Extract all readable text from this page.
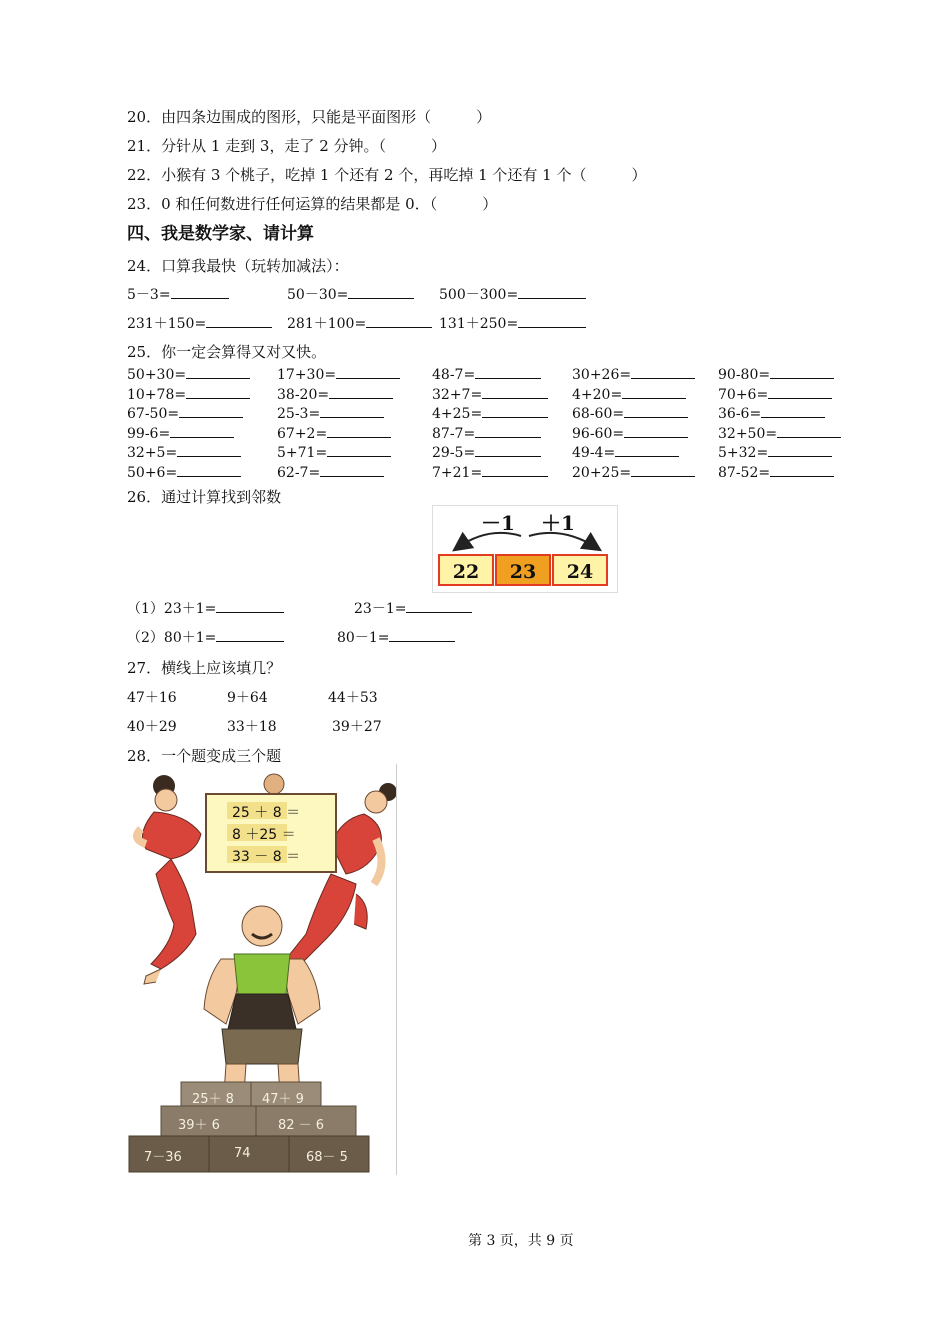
20．由四条边围成的图形，只能是平面图形（　　　）
21．分针从 1 走到 3，走了 2 分钟。（　　　）
22．小猴有 3 个桃子，吃掉 1 个还有 2 个，再吃掉 1 个还有 1 个（　　　）
23．0 和任何数进行任何运算的结果都是 0．（　　　）
四、我是数学家、请计算
24．口算我最快（玩转加减法）：
5－3=	50－30=	500－300=
231＋150=	281＋100=	131＋250=
25．你一定会算得又对又快。
50+30=	17+30=	48-7=	30+26=	90-80=
10+78=	38-20=	32+7=	4+20=	70+6=
67-50=	25-3=	4+25=	68-60=	36-6=
99-6=	67+2=	87-7=	96-60=	32+50=
32+5=	5+71=	29-5=	49-4=	5+32=
50+6=	62-7=	7+21=	20+25=	87-52=
26．通过计算找到邻数
－1 ＋1
22	23	24
（1）23＋1=	23－1=
（2）80＋1=	80－1=
27．横线上应该填几？
47＋16	9＋64	44＋53
40＋29	33＋18	39＋27
28．一个题变成三个题
25 ＋ 8 ＝
8 ＋25 ＝
33 － 8 ＝
25＋ 8 47＋ 9
39＋ 6	82 － 6
7－36	74	68－ 5
第 3 页，共 9 页
